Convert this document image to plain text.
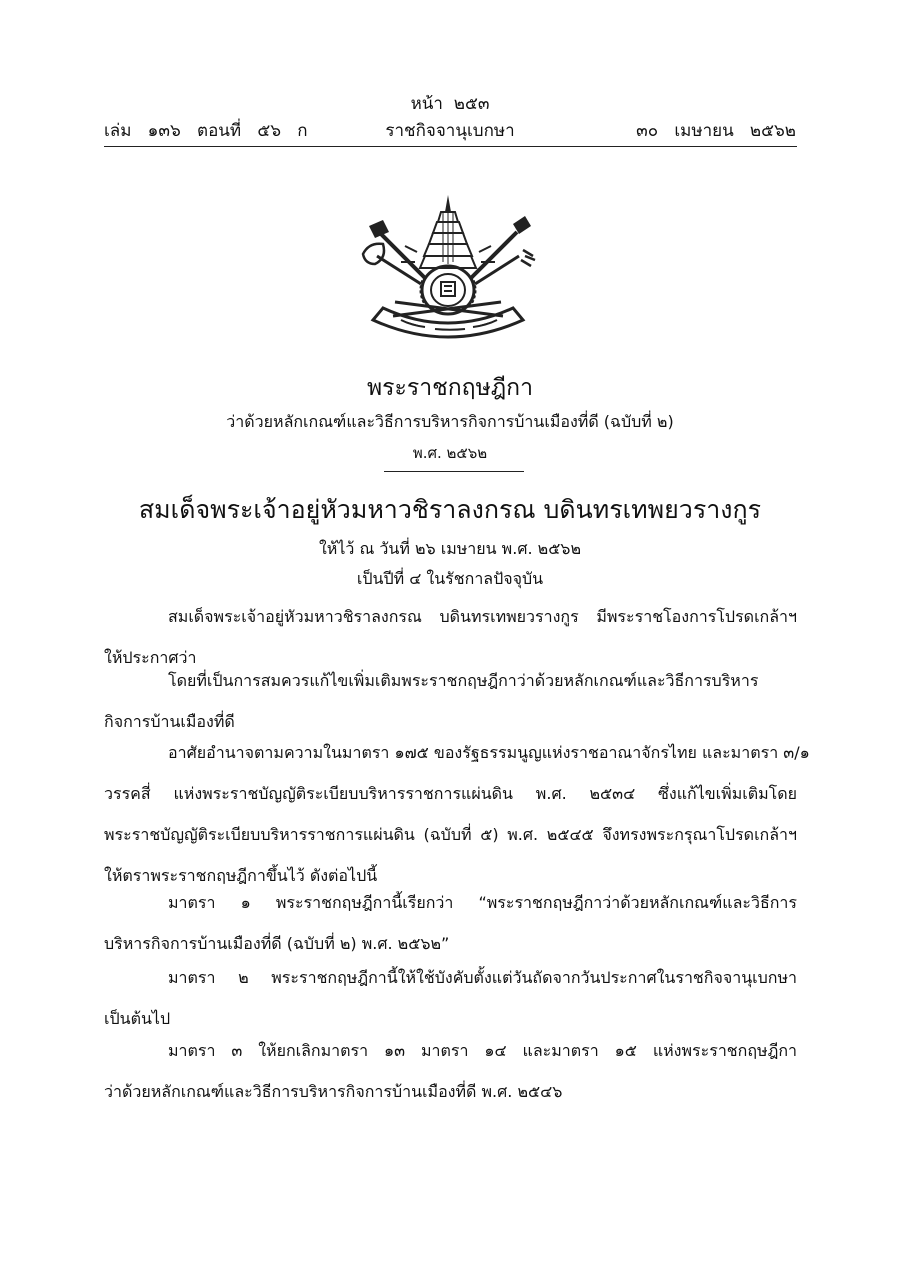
หน้า  ๒๕๓
เล่ม   ๑๓๖   ตอนที่   ๕๖   ก	ราชกิจจานุเบกษา	๓๐   เมษายน   ๒๕๖๒
พระราชกฤษฎีกา
ว่าด้วยหลักเกณฑ์และวิธีการบริหารกิจการบ้านเมืองที่ดี (ฉบับที่ ๒)
พ.ศ. ๒๕๖๒
สมเด็จพระเจ้าอยู่หัวมหาวชิราลงกรณ บดินทรเทพยวรางกูร
ให้ไว้ ณ วันที่ ๒๖ เมษายน พ.ศ. ๒๕๖๒
เป็นปีที่ ๔ ในรัชกาลปัจจุบัน
สมเด็จพระเจ้าอยู่หัวมหาวชิราลงกรณ บดินทรเทพยวรางกูร มีพระราชโองการโปรดเกล้าฯ
ให้ประกาศว่า
โดยที่เป็นการสมควรแก้ไขเพิ่มเติมพระราชกฤษฎีกาว่าด้วยหลักเกณฑ์และวิธีการบริหาร
กิจการบ้านเมืองที่ดี
อาศัยอำนาจตามความในมาตรา ๑๗๕ ของรัฐธรรมนูญแห่งราชอาณาจักรไทย และมาตรา ๓/๑
วรรคสี่ แห่งพระราชบัญญัติระเบียบบริหารราชการแผ่นดิน พ.ศ. ๒๕๓๔ ซึ่งแก้ไขเพิ่มเติมโดย
พระราชบัญญัติระเบียบบริหารราชการแผ่นดิน (ฉบับที่ ๕) พ.ศ. ๒๕๔๕ จึงทรงพระกรุณาโปรดเกล้าฯ
ให้ตราพระราชกฤษฎีกาขึ้นไว้ ดังต่อไปนี้
มาตรา ๑ พระราชกฤษฎีกานี้เรียกว่า “พระราชกฤษฎีกาว่าด้วยหลักเกณฑ์และวิธีการ
บริหารกิจการบ้านเมืองที่ดี (ฉบับที่ ๒) พ.ศ. ๒๕๖๒”
มาตรา ๒ พระราชกฤษฎีกานี้ให้ใช้บังคับตั้งแต่วันถัดจากวันประกาศในราชกิจจานุเบกษา
เป็นต้นไป
มาตรา ๓ ให้ยกเลิกมาตรา ๑๓ มาตรา ๑๔ และมาตรา ๑๕ แห่งพระราชกฤษฎีกา
ว่าด้วยหลักเกณฑ์และวิธีการบริหารกิจการบ้านเมืองที่ดี พ.ศ. ๒๕๔๖
